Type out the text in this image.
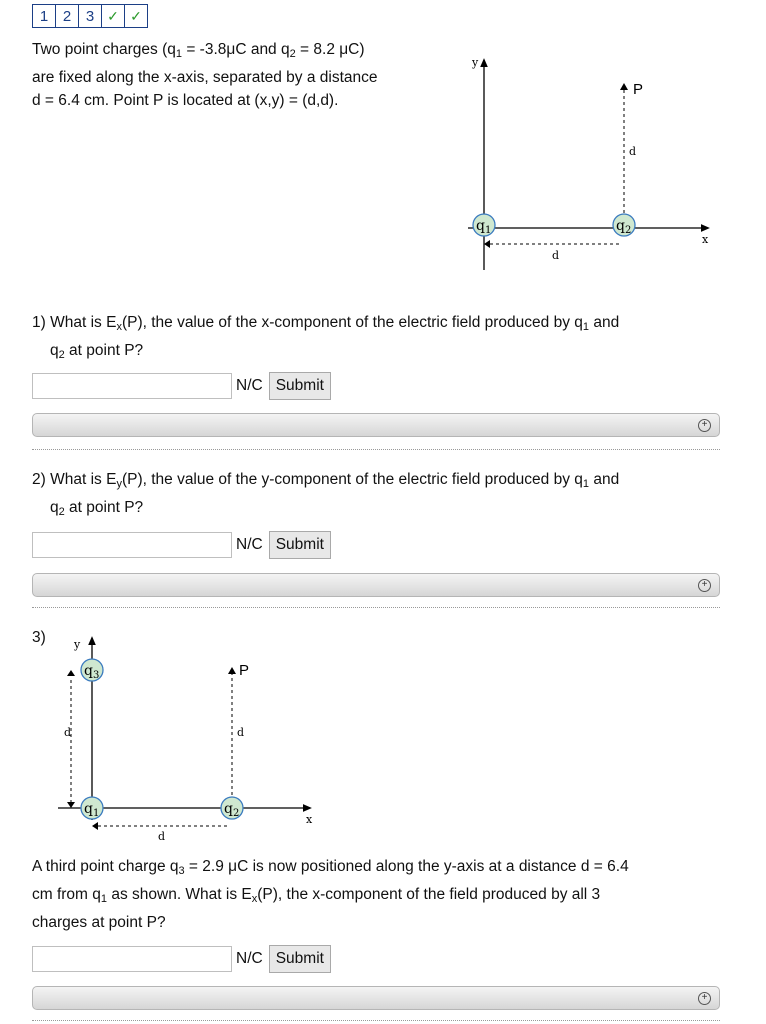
1 2 3 ✓ ✓
Two point charges ($q_1 = -3.8\mu C$ and $q_2 = 8.2$ μC)
are fixed along the x-axis, separated by a distance
d = 6.4 cm. Point P is located at (x,y) = (d,d).
y
x
P
d
d
$q_1$	$q_2$
1) What is $E_x(P)$, the value of the x-component of the electric field produced by $q_1$ and
$q_2$ at point P?
N/C Submit
+
2) What is $E_y(P)$, the value of the y-component of the electric field produced by $q_1$ and
$q_2$ at point P?
N/C Submit
+
3)	y
x
d
P
d
d
$q_3$
$q_1$	$q_2$
A third point charge $q_3 = 2.9$ μC is now positioned along the y-axis at a distance d = 6.4
cm from $q_1$ as shown. What is $E_x(P)$, the x-component of the field produced by all 3
charges at point P?
N/C Submit
+
